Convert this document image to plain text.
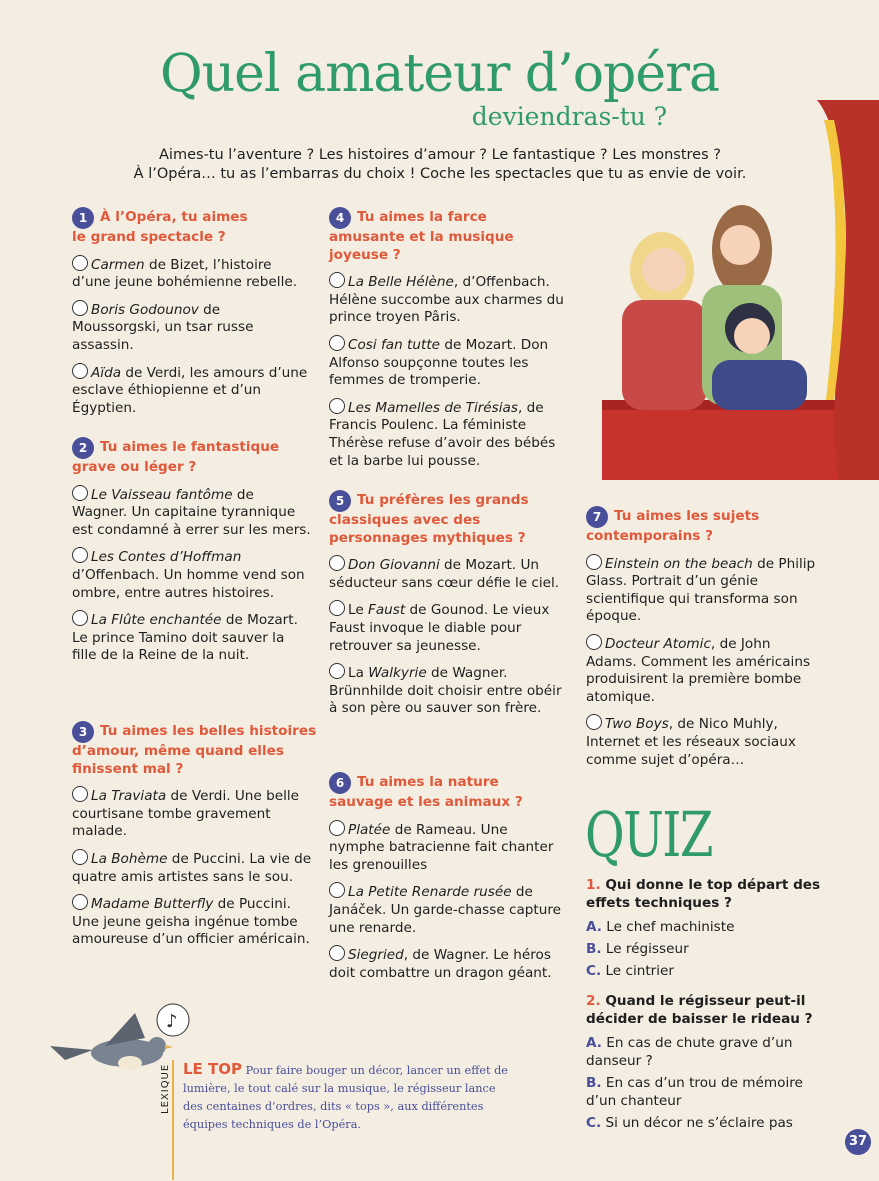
Quel amateur d’opéra
deviendras-tu ?
Aimes-tu l’aventure ? Les histoires d’amour ? Le fantastique ? Les monstres ?
À l’Opéra… tu as l’embarras du choix ! Coche les spectacles que tu as envie de voir.
1 À l’Opéra, tu aimes
le grand spectacle ?
Carmen de Bizet, l’histoire d’une jeune bohémienne rebelle.
Boris Godounov de Moussorgski, un tsar russe assassin.
Aïda de Verdi, les amours d’une esclave éthiopienne et d’un Égyptien.
2 Tu aimes le fantastique
grave ou léger ?
Le Vaisseau fantôme de Wagner. Un capitaine tyrannique est condamné à errer sur les mers.
Les Contes d’Hoffman d’Offenbach. Un homme vend son ombre, entre autres histoires.
La Flûte enchantée de Mozart. Le prince Tamino doit sauver la fille de la Reine de la nuit.
3 Tu aimes les belles histoires
d’amour, même quand elles finissent mal ?
La Traviata de Verdi. Une belle courtisane tombe gravement malade.
La Bohème de Puccini. La vie de quatre amis artistes sans le sou.
Madame Butterfly de Puccini. Une jeune geisha ingénue tombe amoureuse d’un officier américain.
4 Tu aimes la farce
amusante et la musique joyeuse ?
La Belle Hélène, d’Offenbach. Hélène succombe aux charmes du prince troyen Pâris.
Cosi fan tutte de Mozart. Don Alfonso soupçonne toutes les femmes de tromperie.
Les Mamelles de Tirésias, de Francis Poulenc. La féministe Thérèse refuse d’avoir des bébés et la barbe lui pousse.
5 Tu préfères les grands
classiques avec des personnages mythiques ?
Don Giovanni de Mozart. Un séducteur sans cœur défie le ciel.
Le Faust de Gounod. Le vieux Faust invoque le diable pour retrouver sa jeunesse.
La Walkyrie de Wagner. Brünnhilde doit choisir entre obéir à son père ou sauver son frère.
6 Tu aimes la nature
sauvage et les animaux ?
Platée de Rameau. Une nymphe batracienne fait chanter les grenouilles
La Petite Renarde rusée de Janáček. Un garde-chasse capture une renarde.
Siegried, de Wagner. Le héros doit combattre un dragon géant.
7 Tu aimes les sujets
contemporains ?
Einstein on the beach de Philip Glass. Portrait d’un génie scientifique qui transforma son époque.
Docteur Atomic, de John Adams. Comment les américains produisirent la première bombe atomique.
Two Boys, de Nico Muhly, Internet et les réseaux sociaux comme sujet d’opéra…
QUIZ
1. Qui donne le top départ des effets techniques ?
A. Le chef machiniste
B. Le régisseur
C. Le cintrier
2. Quand le régisseur peut-il décider de baisser le rideau ?
A. En cas de chute grave d’un danseur ?
B. En cas d’un trou de mémoire d’un chanteur
C. Si un décor ne s’éclaire pas
♪
LEXIQUE LE TOP Pour faire bouger un décor, lancer un effet de lumière, le tout calé sur la musique, le régisseur lance des centaines d’ordres, dits « tops », aux différentes équipes techniques de l’Opéra.
37
